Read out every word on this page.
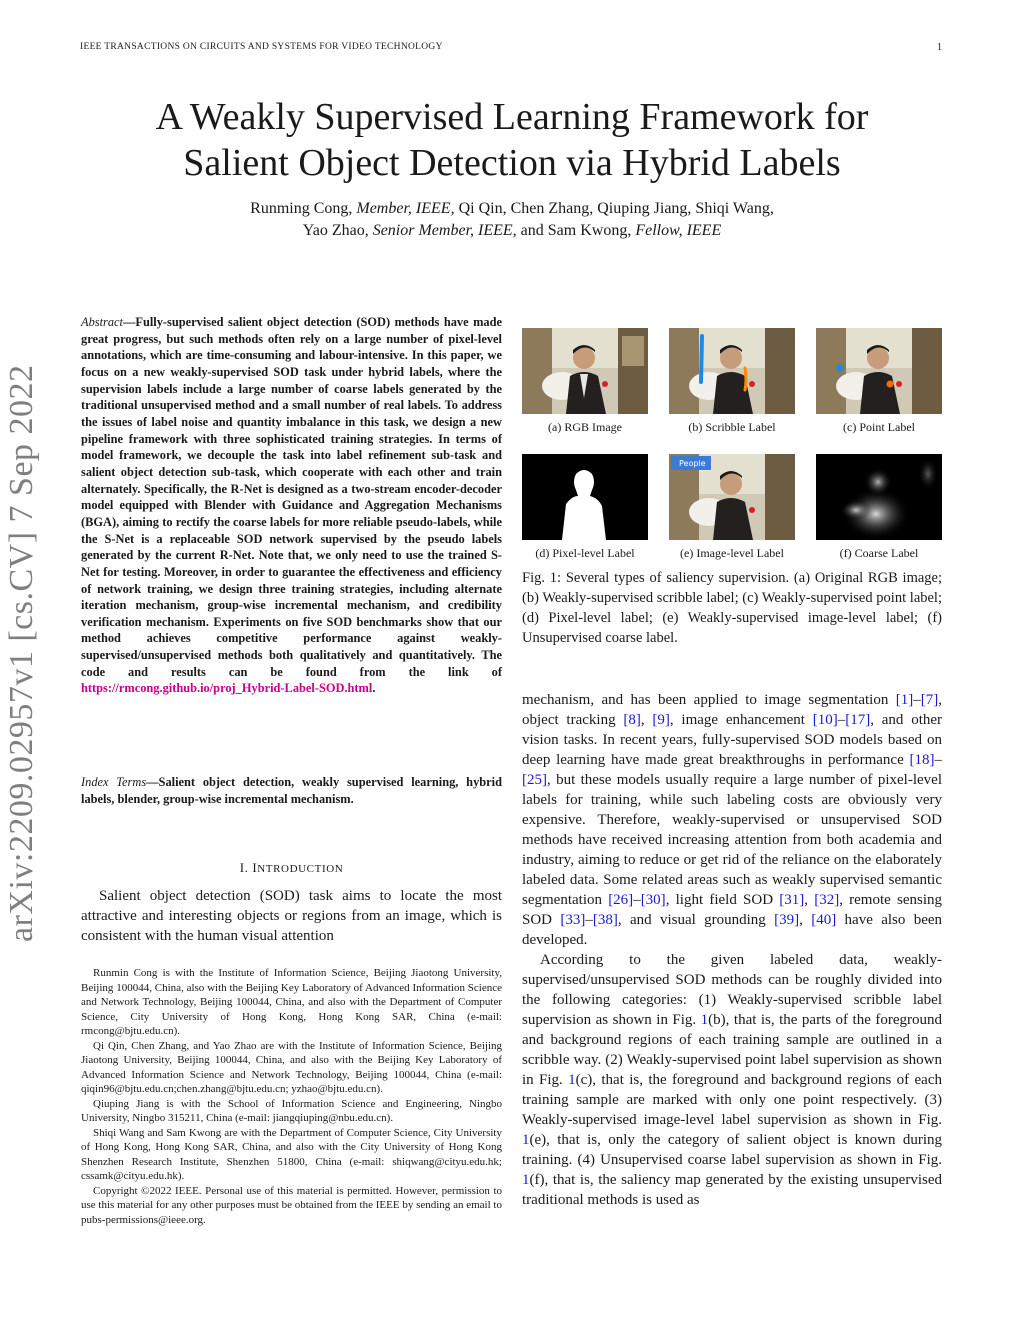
IEEE TRANSACTIONS ON CIRCUITS AND SYSTEMS FOR VIDEO TECHNOLOGY	1
A Weakly Supervised Learning Framework for
Salient Object Detection via Hybrid Labels
Runming Cong, Member, IEEE, Qi Qin, Chen Zhang, Qiuping Jiang, Shiqi Wang,
Yao Zhao, Senior Member, IEEE, and Sam Kwong, Fellow, IEEE
arXiv:2209.02957v1 [cs.CV] 7 Sep 2022
Abstract—Fully-supervised salient object detection (SOD) methods have made great progress, but such methods often rely on a large number of pixel-level annotations, which are time-consuming and labour-intensive. In this paper, we focus on a new weakly-supervised SOD task under hybrid labels, where the supervision labels include a large number of coarse labels generated by the traditional unsupervised method and a small number of real labels. To address the issues of label noise and quantity imbalance in this task, we design a new pipeline framework with three sophisticated training strategies. In terms of model framework, we decouple the task into label refinement sub-task and salient object detection sub-task, which cooperate with each other and train alternately. Specifically, the R-Net is designed as a two-stream encoder-decoder model equipped with Blender with Guidance and Aggregation Mechanisms (BGA), aiming to rectify the coarse labels for more reliable pseudo-labels, while the S-Net is a replaceable SOD network supervised by the pseudo labels generated by the current R-Net. Note that, we only need to use the trained S-Net for testing. Moreover, in order to guarantee the effectiveness and efficiency of network training, we design three training strategies, including alternate iteration mechanism, group-wise incremental mechanism, and credibility verification mechanism. Experiments on five SOD benchmarks show that our method achieves competitive performance against weakly-supervised/unsupervised methods both qualitatively and quantitatively. The code and results can be found from the link of https://rmcong.github.io/proj_Hybrid-Label-SOD.html.
Index Terms—Salient object detection, weakly supervised learning, hybrid labels, blender, group-wise incremental mechanism.
I. INTRODUCTION
Salient object detection (SOD) task aims to locate the most attractive and interesting objects or regions from an image, which is consistent with the human visual attention

Runmin Cong is with the Institute of Information Science, Beijing Jiaotong University, Beijing 100044, China, also with the Beijing Key Laboratory of Advanced Information Science and Network Technology, Beijing 100044, China, and also with the Department of Computer Science, City University of Hong Kong, Hong Kong SAR, China (e-mail: rmcong@bjtu.edu.cn).

Qi Qin, Chen Zhang, and Yao Zhao are with the Institute of Information Science, Beijing Jiaotong University, Beijing 100044, China, and also with the Beijing Key Laboratory of Advanced Information Science and Network Technology, Beijing 100044, China (e-mail: qiqin96@bjtu.edu.cn;chen.zhang@bjtu.edu.cn; yzhao@bjtu.edu.cn).

Qiuping Jiang is with the School of Information Science and Engineering, Ningbo University, Ningbo 315211, China (e-mail: jiangqiuping@nbu.edu.cn).

Shiqi Wang and Sam Kwong are with the Department of Computer Science, City University of Hong Kong, Hong Kong SAR, China, and also with the City University of Hong Kong Shenzhen Research Institute, Shenzhen 51800, China (e-mail: shiqwang@cityu.edu.hk; cssamk@cityu.edu.hk).

Copyright ©2022 IEEE. Personal use of this material is permitted. However, permission to use this material for any other purposes must be obtained from the IEEE by sending an email to pubs-permissions@ieee.org.

(a) RGB Image	(b) Scribble Label	(c) Point Label
People
(d) Pixel-level Label	(e) Image-level Label	(f) Coarse Label
Fig. 1: Several types of saliency supervision. (a) Original RGB image; (b) Weakly-supervised scribble label; (c) Weakly-supervised point label; (d) Pixel-level label; (e) Weakly-supervised image-level label; (f) Unsupervised coarse label.

mechanism, and has been applied to image segmentation [1]–[7], object tracking [8], [9], image enhancement [10]–[17], and other vision tasks. In recent years, fully-supervised SOD models based on deep learning have made great breakthroughs in performance [18]–[25], but these models usually require a large number of pixel-level labels for training, while such labeling costs are obviously very expensive. Therefore, weakly-supervised or unsupervised SOD methods have received increasing attention from both academia and industry, aiming to reduce or get rid of the reliance on the elaborately labeled data. Some related areas such as weakly supervised semantic segmentation [26]–[30], light field SOD [31], [32], remote sensing SOD [33]–[38], and visual grounding [39], [40] have also been developed.

According to the given labeled data, weakly-supervised/unsupervised SOD methods can be roughly divided into the following categories: (1) Weakly-supervised scribble label supervision as shown in Fig. 1(b), that is, the parts of the foreground and background regions of each training sample are outlined in a scribble way. (2) Weakly-supervised point label supervision as shown in Fig. 1(c), that is, the foreground and background regions of each training sample are marked with only one point respectively. (3) Weakly-supervised image-level label supervision as shown in Fig. 1(e), that is, only the category of salient object is known during training. (4) Unsupervised coarse label supervision as shown in Fig. 1(f), that is, the saliency map generated by the existing unsupervised traditional methods is used as
